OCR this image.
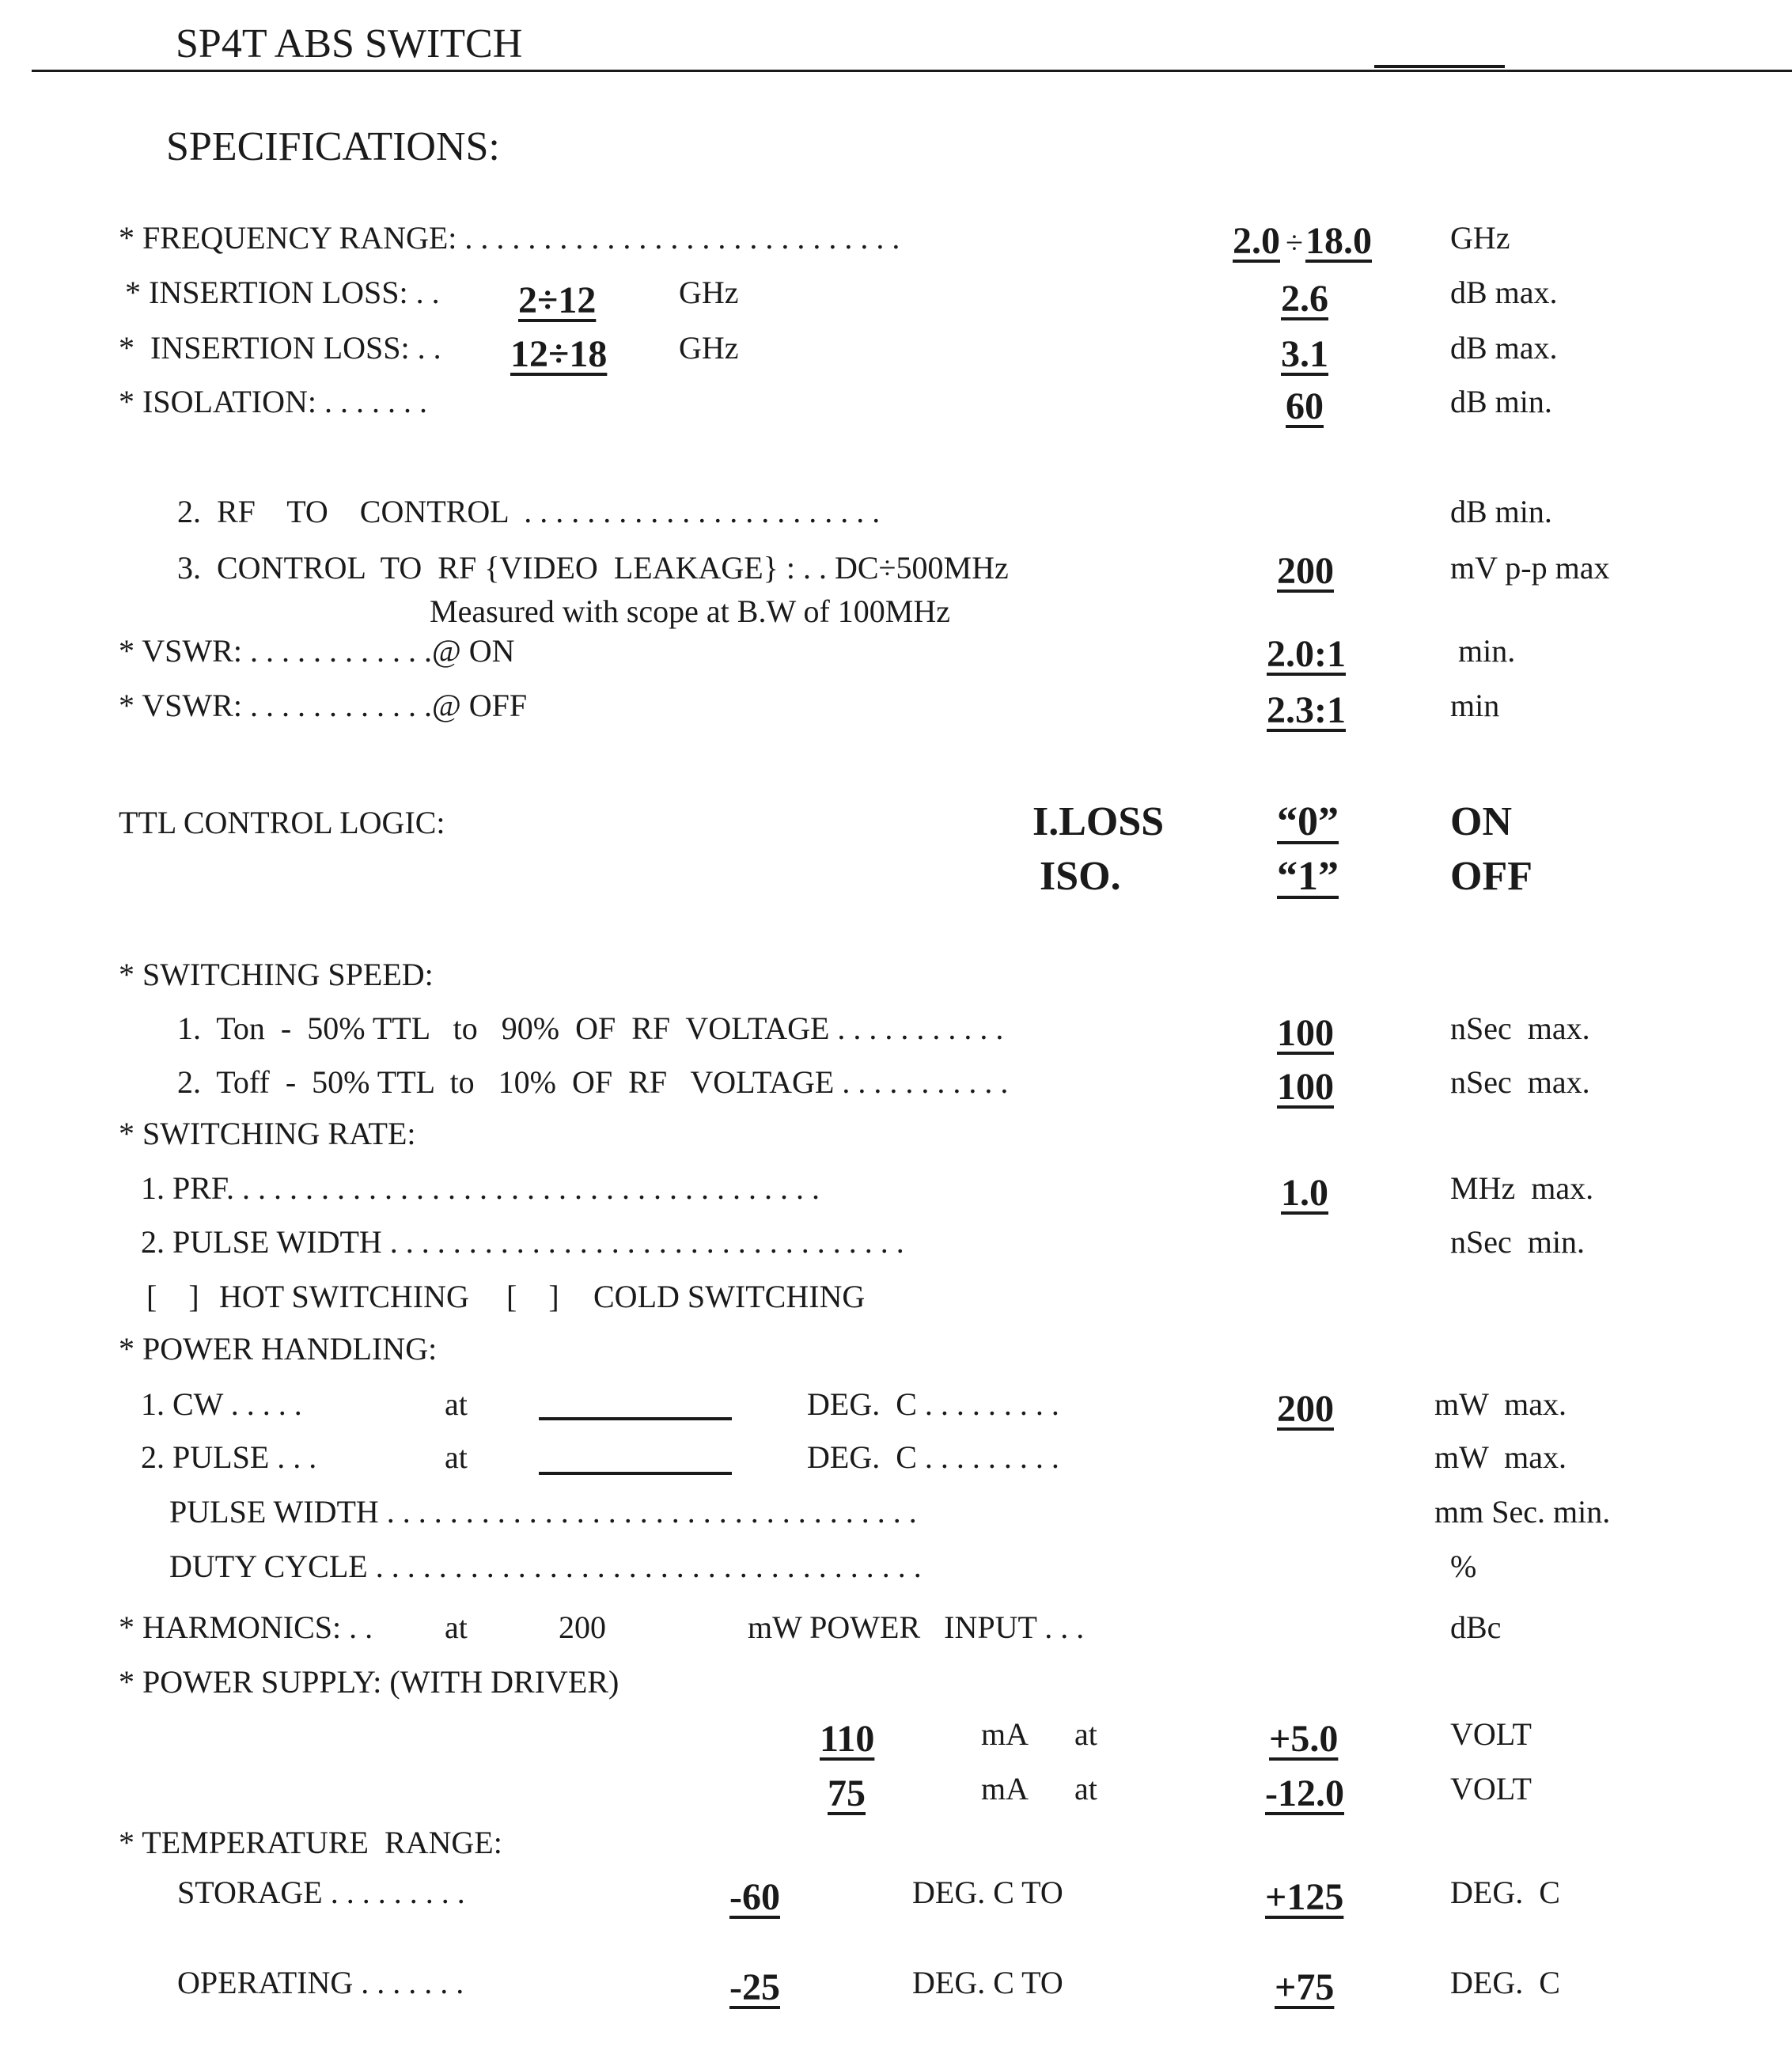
SP4T ABS SWITCH
SPECIFICATIONS:
* FREQUENCY RANGE: . . . . . . . . . . . . . . . . . . . . . . . . . . . .	2.0 ÷ 18.0 GHz
* INSERTION LOSS: . . 2÷12	GHz	2.6	dB max.
*  INSERTION LOSS: . . 12÷18 GHz	3.1	dB max.
* ISOLATION: . . . . . . .	60	dB min.
2.  RF    TO    CONTROL  . . . . . . . . . . . . . . . . . . . . . . .	dB min.
3.  CONTROL  TO  RF {VIDEO  LEAKAGE} : . . DC÷500MHz
Measured with scope at B.W of 100MHz
200	mV p-p max
* VSWR: . . . . . . . . . . . .@ ON	2.0:1	min.
* VSWR: . . . . . . . . . . . .@ OFF	2.3:1	min
TTL CONTROL LOGIC:	I.LOSS	“0”	ON
ISO.	“1”	OFF
* SWITCHING SPEED:
1.  Ton  -  50% TTL   to   90%  OF  RF  VOLTAGE . . . . . . . . . . .	100	nSec  max.
2.  Toff  -  50% TTL  to   10%  OF  RF   VOLTAGE . . . . . . . . . . .	100	nSec  max.
* SWITCHING RATE:
1. PRF. . . . . . . . . . . . . . . . . . . . . . . . . . . . . . . . . . . . . .	1.0	MHz  max.
2. PULSE WIDTH . . . . . . . . . . . . . . . . . . . . . . . . . . . . . . . . .	nSec  min.
[    ] HOT SWITCHING [    ] COLD SWITCHING
* POWER HANDLING:
1. CW . . . . .	at	DEG.  C . . . . . . . . .	200	mW  max.
2. PULSE . . .	at	DEG.  C . . . . . . . . .	mW  max.
PULSE WIDTH . . . . . . . . . . . . . . . . . . . . . . . . . . . . . . . . . .	mm Sec. min.
DUTY CYCLE . . . . . . . . . . . . . . . . . . . . . . . . . . . . . . . . . . .	%
* HARMONICS: . . at	200	mW POWER   INPUT . . .	dBc
* POWER SUPPLY: (WITH DRIVER)
110	mA at	+5.0	VOLT
75	mA at	-12.0	VOLT
* TEMPERATURE  RANGE:
STORAGE . . . . . . . . .	-60	DEG. C TO	+125	DEG.  C
OPERATING . . . . . . .	-25	DEG. C TO	+75	DEG.  C
